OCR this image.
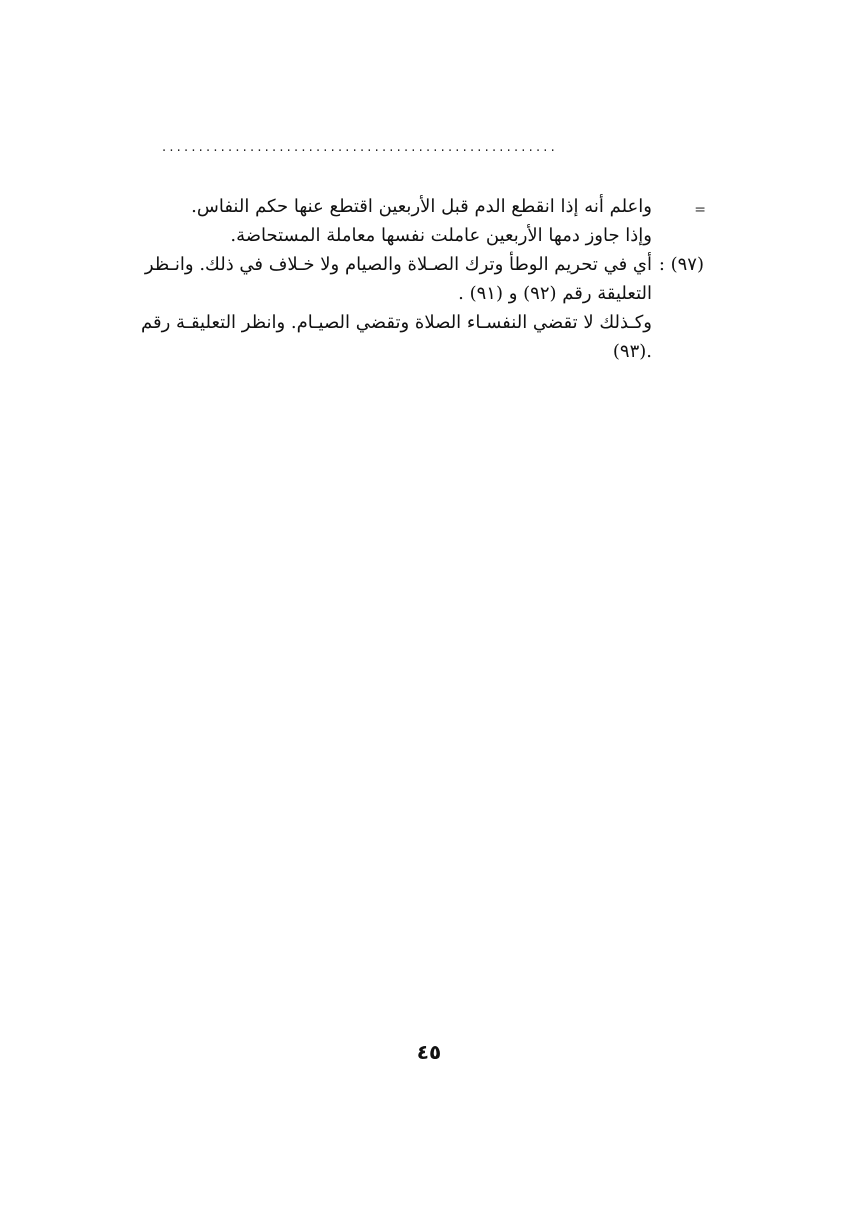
......................................................
=
واعلم أنه إذا انقطع الدم قبل الأربعين اقتطع عنها حكم النفاس.
وإذا جاوز دمها الأربعين عاملت نفسها معاملة المستحاضة.
(٩٧) :
أي في تحريم الوطأ وترك الصـلاة والصيام ولا خـلاف في ذلك. وانـظر
التعليقة رقم (٩٢) و (٩١) .
وكـذلك لا تقضي النفسـاء الصلاة وتقضي الصيـام. وانظر التعليقـة رقم
.(٩٣)
٤٥
